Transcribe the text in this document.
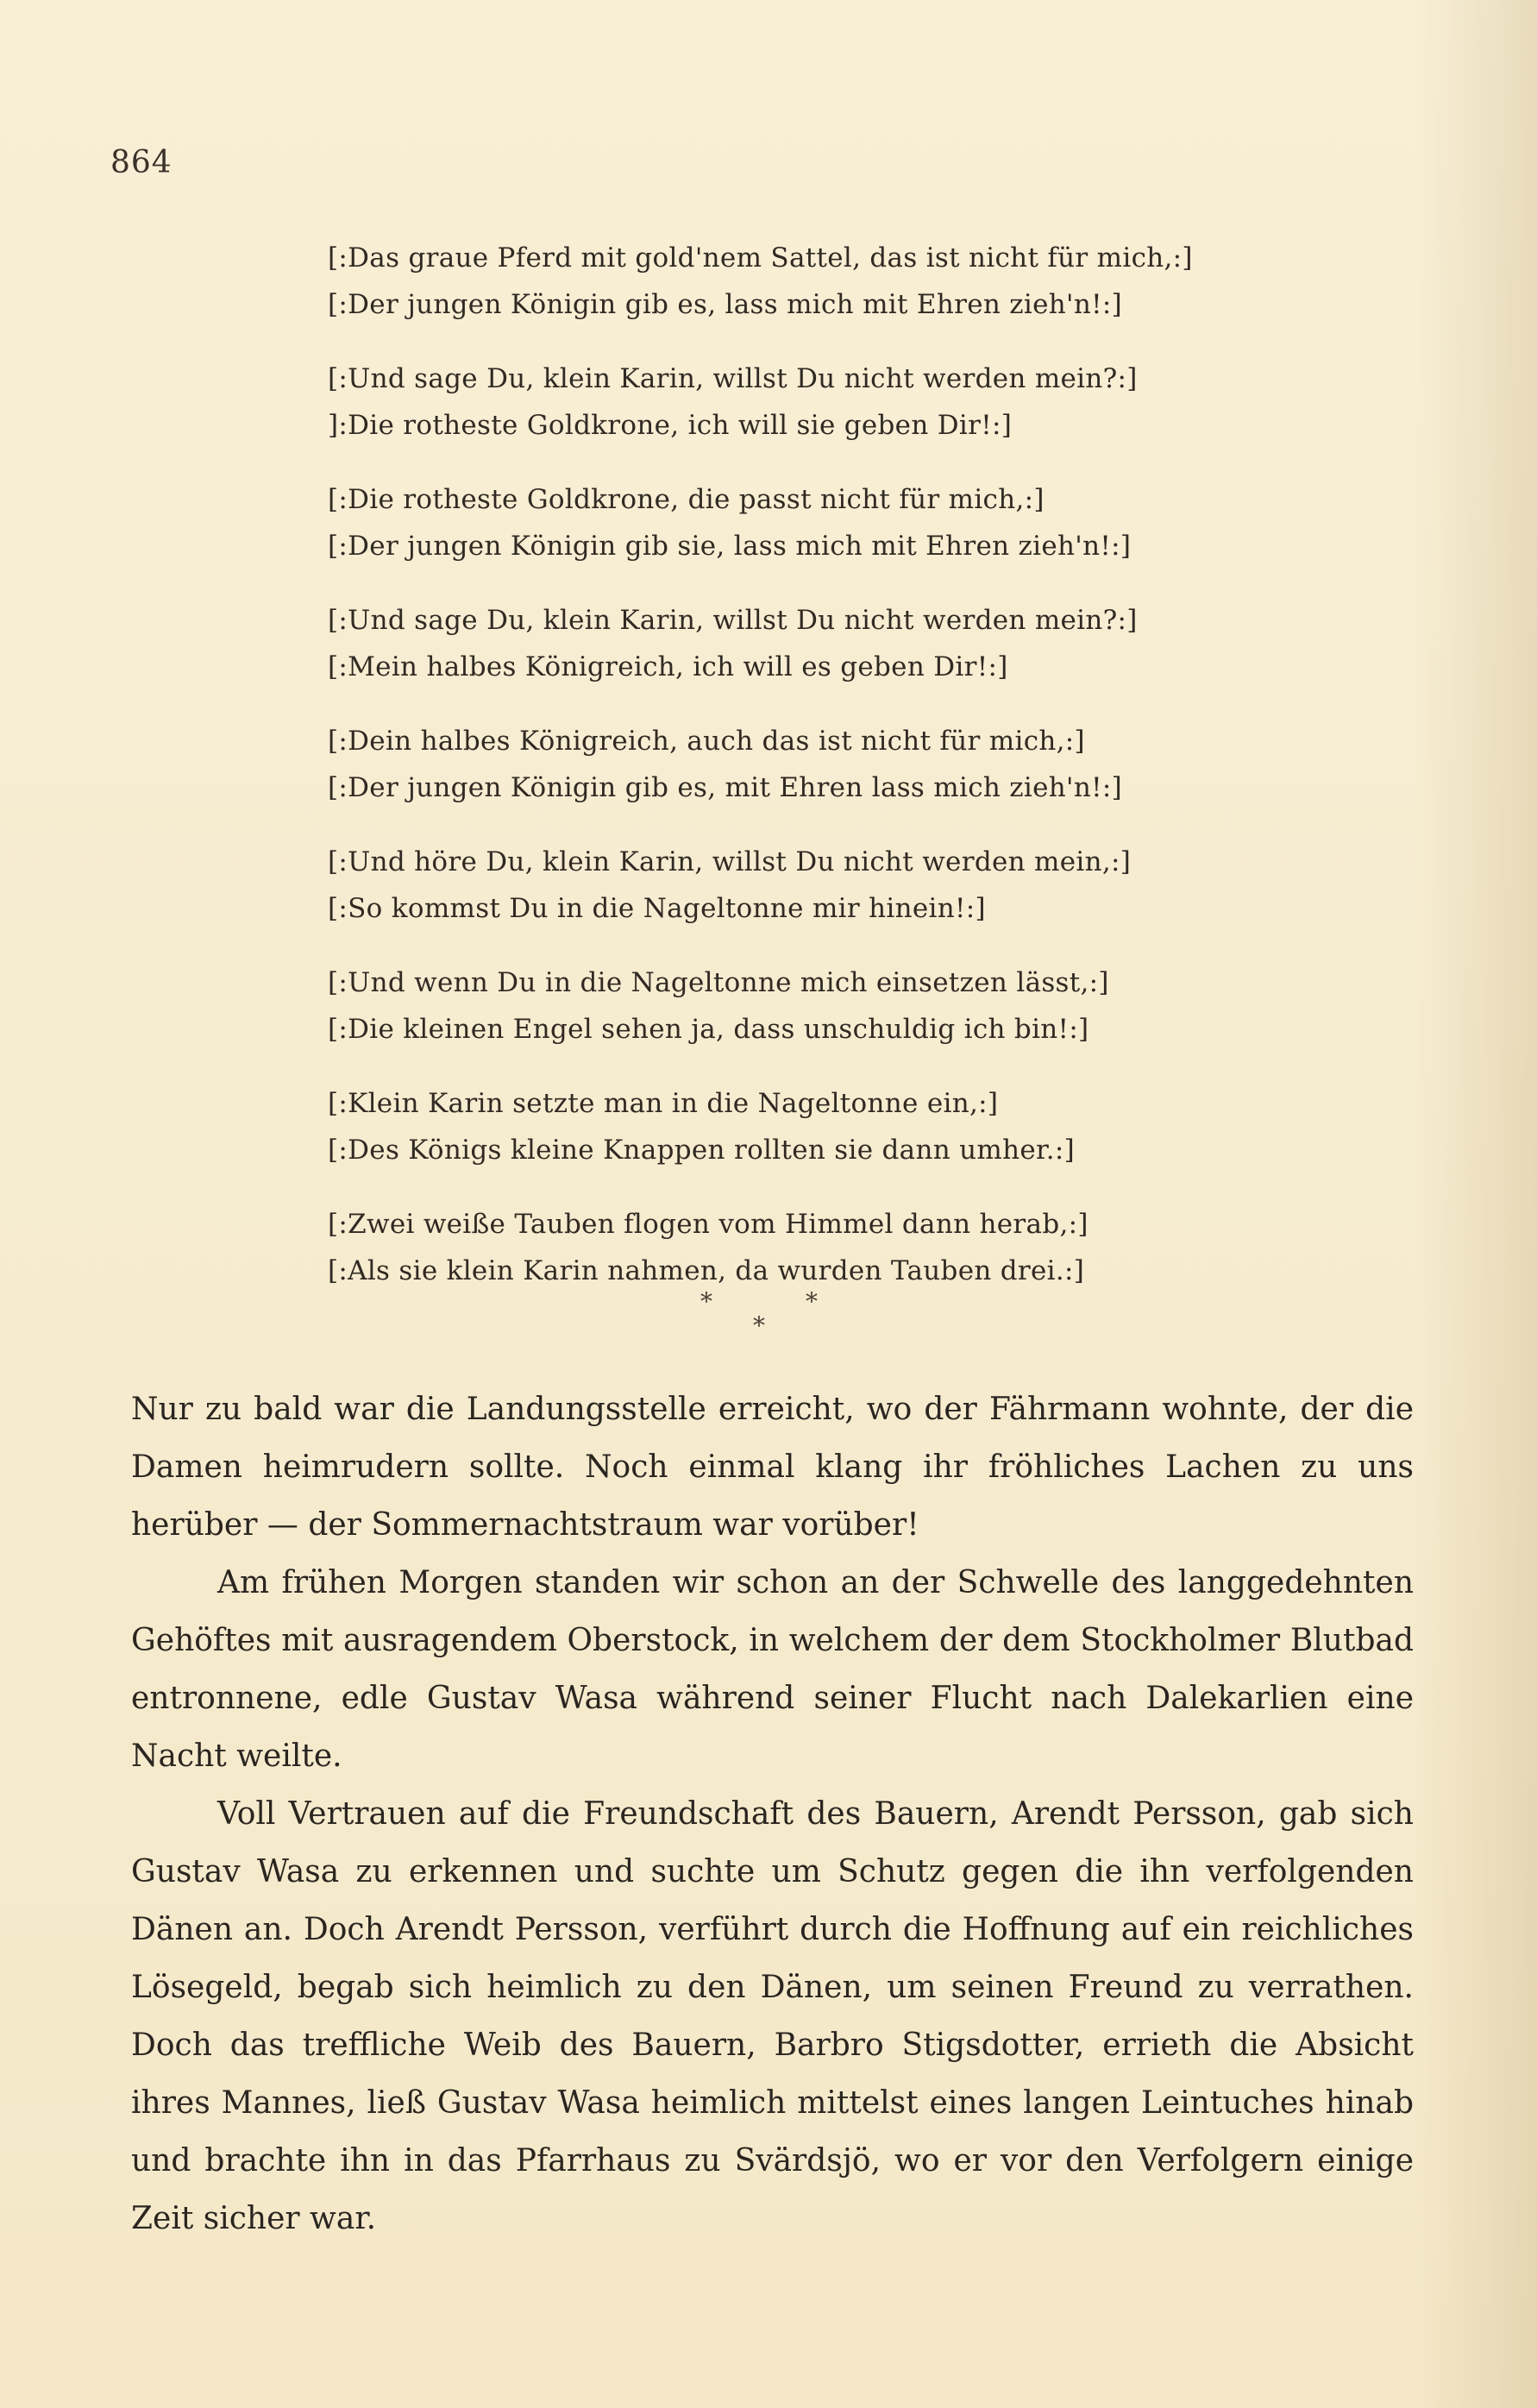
864
[:Das graue Pferd mit gold'nem Sattel, das ist nicht für mich,:]
[:Der jungen Königin gib es, lass mich mit Ehren zieh'n!:]
[:Und sage Du, klein Karin, willst Du nicht werden mein?:]
]:Die rotheste Goldkrone, ich will sie geben Dir!:]
[:Die rotheste Goldkrone, die passt nicht für mich,:]
[:Der jungen Königin gib sie, lass mich mit Ehren zieh'n!:]
[:Und sage Du, klein Karin, willst Du nicht werden mein?:]
[:Mein halbes Königreich, ich will es geben Dir!:]
[:Dein halbes Königreich, auch das ist nicht für mich,:]
[:Der jungen Königin gib es, mit Ehren lass mich zieh'n!:]
[:Und höre Du, klein Karin, willst Du nicht werden mein,:]
[:So kommst Du in die Nageltonne mir hinein!:]
[:Und wenn Du in die Nageltonne mich einsetzen lässt,:]
[:Die kleinen Engel sehen ja, dass unschuldig ich bin!:]
[:Klein Karin setzte man in die Nageltonne ein,:]
[:Des Königs kleine Knappen rollten sie dann umher.:]
[:Zwei weiße Tauben flogen vom Himmel dann herab,:]
[:Als sie klein Karin nahmen, da wurden Tauben drei.:]
*	*
*

Nur zu bald war die Landungsstelle erreicht, wo der Fährmann wohnte, der die Damen heimrudern sollte. Noch einmal klang ihr fröhliches Lachen zu uns herüber — der Sommernachtstraum war vorüber!

Am frühen Morgen standen wir schon an der Schwelle des langgedehnten Gehöftes mit ausragendem Oberstock, in welchem der dem Stockholmer Blutbad entronnene, edle Gustav Wasa während seiner Flucht nach Dalekarlien eine Nacht weilte.

Voll Vertrauen auf die Freundschaft des Bauern, Arendt Persson, gab sich Gustav Wasa zu erkennen und suchte um Schutz gegen die ihn verfolgenden Dänen an. Doch Arendt Persson, verführt durch die Hoffnung auf ein reichliches Lösegeld, begab sich heimlich zu den Dänen, um seinen Freund zu verrathen. Doch das treffliche Weib des Bauern, Barbro Stigsdotter, errieth die Absicht ihres Mannes, ließ Gustav Wasa heimlich mittelst eines langen Leintuches hinab und brachte ihn in das Pfarrhaus zu Svärdsjö, wo er vor den Verfolgern einige Zeit sicher war.
